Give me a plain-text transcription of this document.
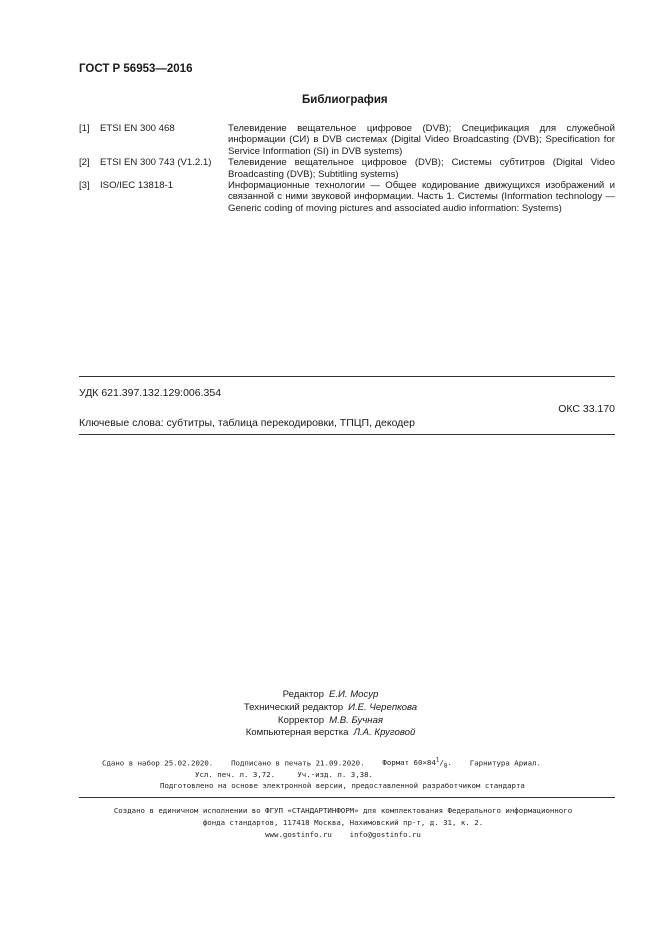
ГОСТ Р 56953—2016
Библиография
[1]	ETSI EN 300 468	Телевидение вещательное цифровое (DVB); Спецификация для служебной информации (СИ) в DVB системах (Digital Video Broadcasting (DVB); Specification for Service Information (SI) in DVB systems)
[2]	ETSI EN 300 743 (V1.2.1)	Телевидение вещательное цифровое (DVB); Системы субтитров (Digital Video Broadcasting (DVB); Subtitling systems)
[3]	ISO/IEC 13818-1	Информационные технологии — Общее кодирование движущихся изображений и связанной с ними звуковой информации. Часть 1. Системы (Information technology — Generic coding of moving pictures and associated audio information: Systems)
УДК 621.397.132.129:006.354
ОКС 33.170
Ключевые слова: субтитры, таблица перекодировки, ТПЦП, декодер
Редактор Е.И. Мосур
Технический редактор И.Е. Черепкова
Корректор М.В. Бучная
Компьютерная верстка Л.А. Круговой
Сдано в набор 25.02.2020. Подписано в печать 21.09.2020. Формат $60\times 84^1/_8$. Гарнитура Ариал.
Усл. печ. л. 3,72.	Уч.-изд. л. 3,38.
Подготовлено на основе электронной версии, предоставленной разработчиком стандарта
Создано в единичном исполнении во ФГУП «СТАНДАРТИНФОРМ» для комплектования Федерального информационного
фонда стандартов, 117418 Москва, Нахимовский пр-т, д. 31, к. 2.
www.gostinfo.ru info@gostinfo.ru
